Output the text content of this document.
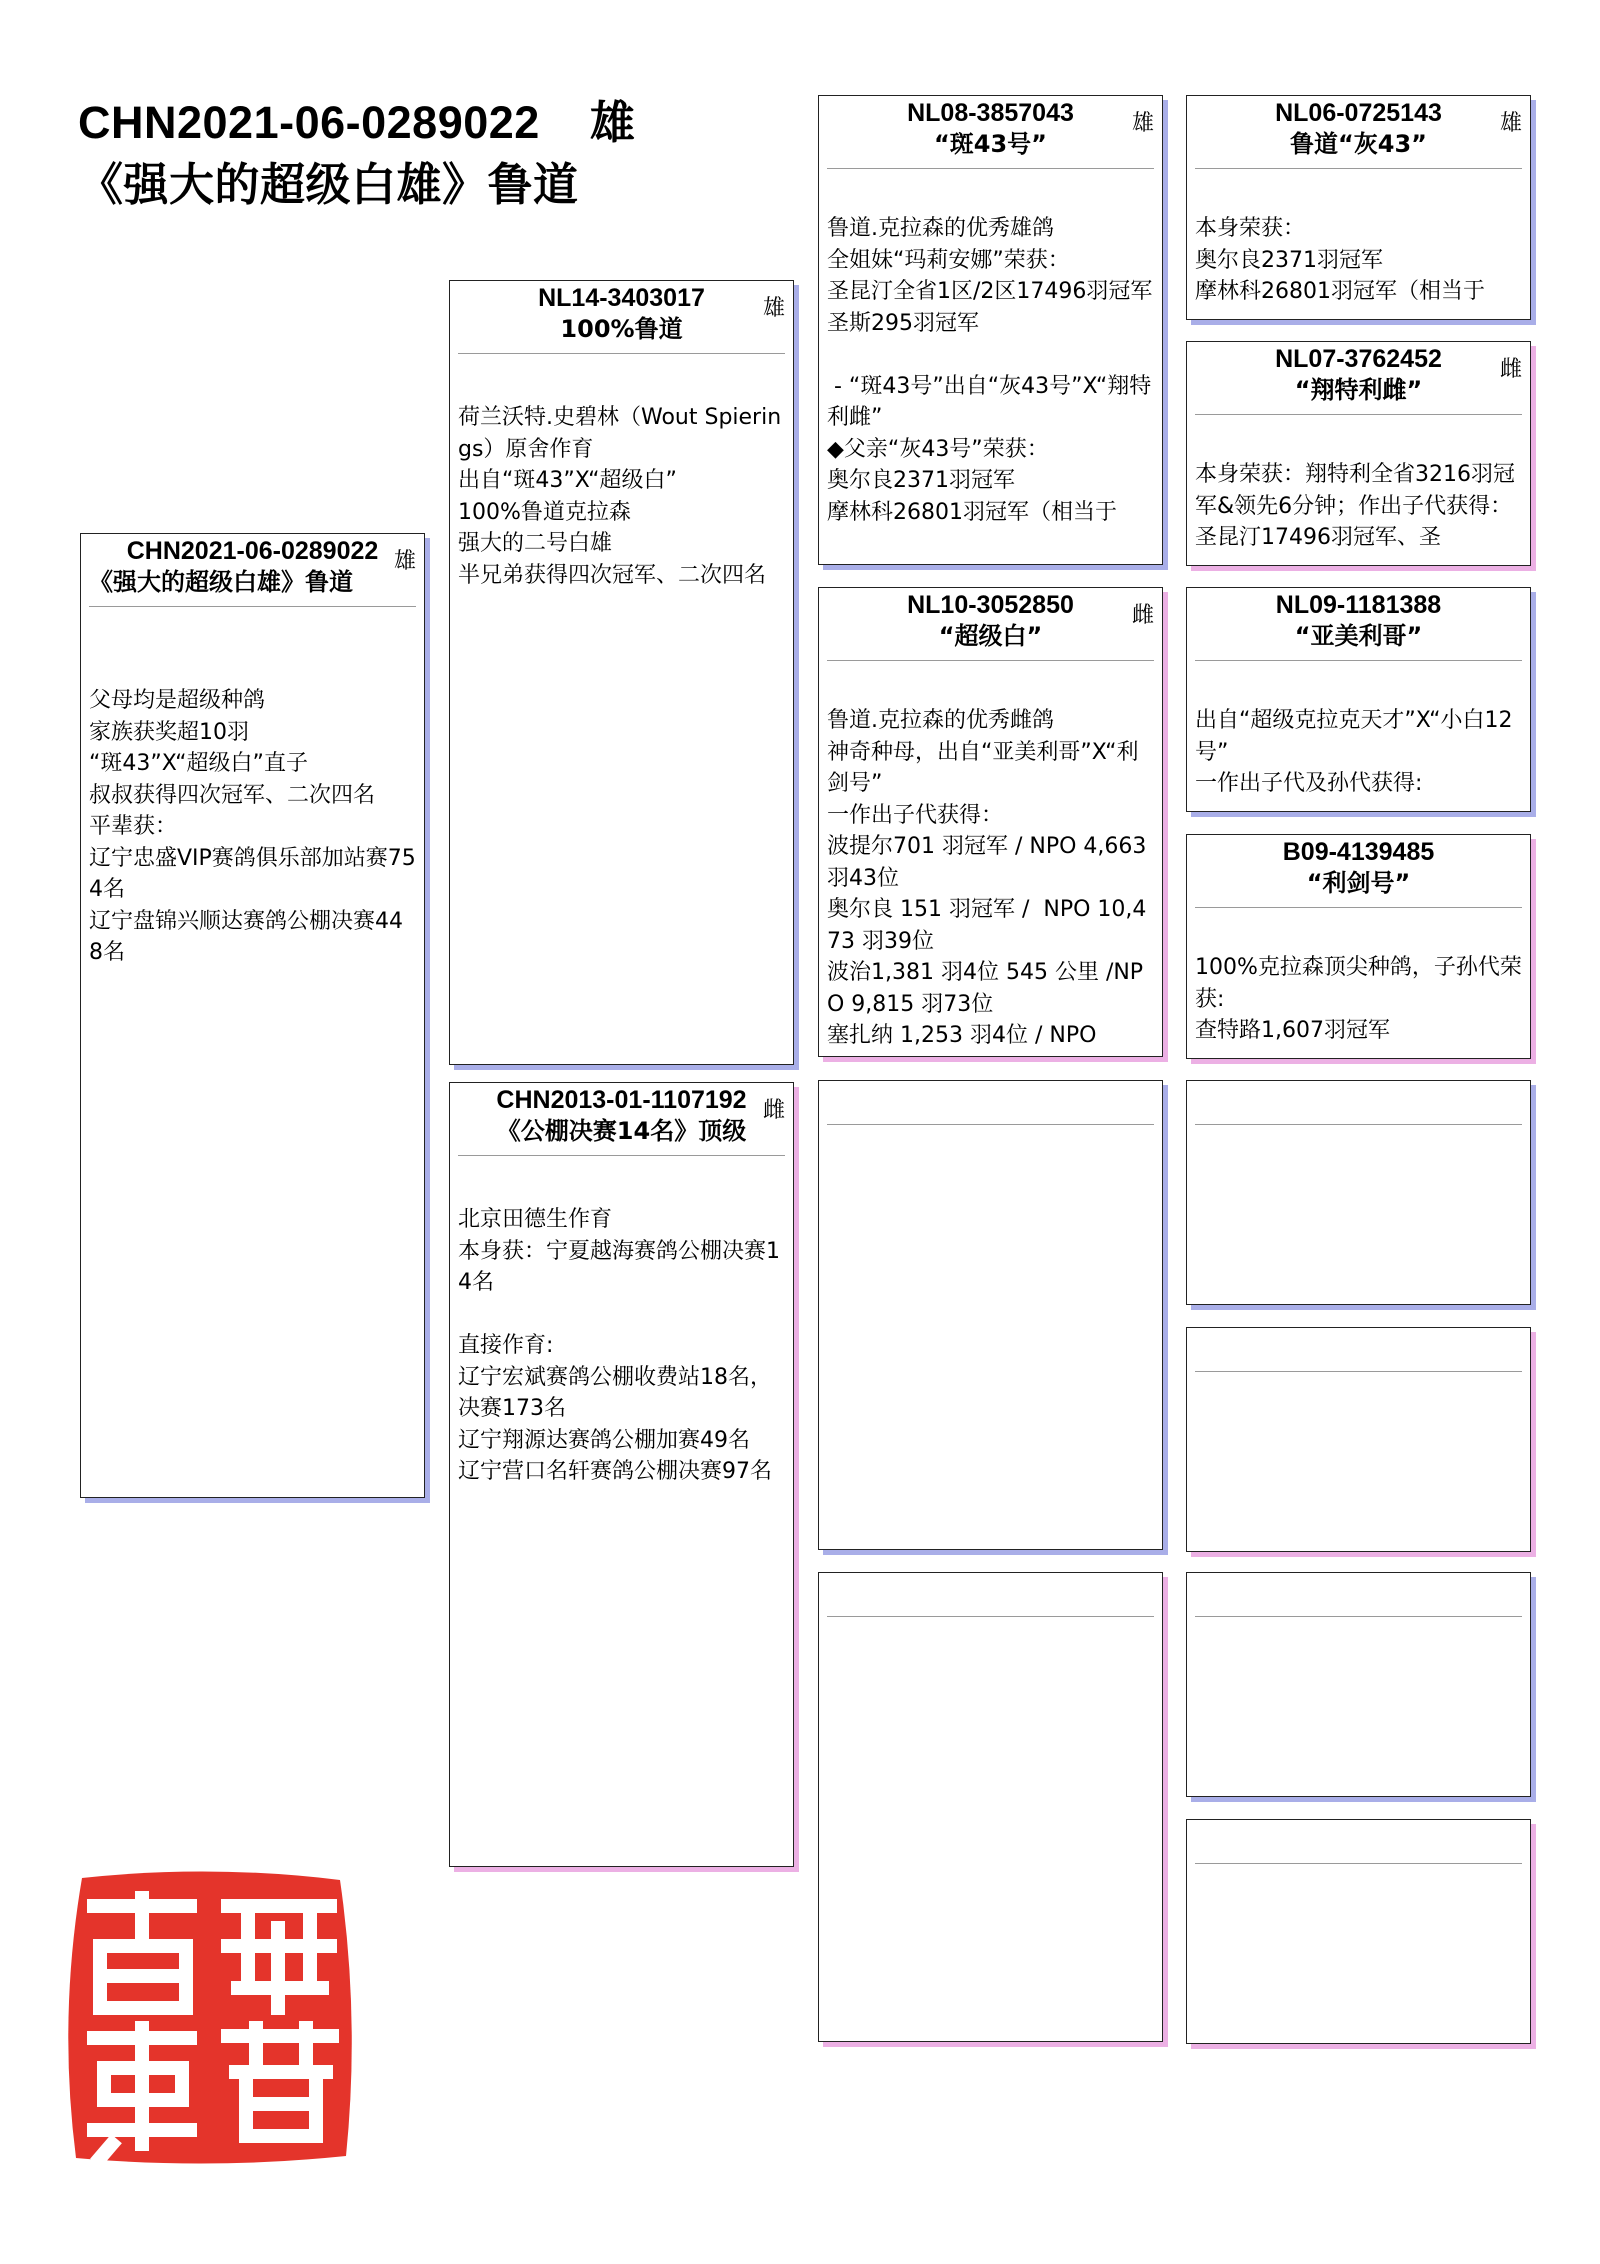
CHN2021-06-0289022 雄
《强大的超级白雄》鲁道
CHN2021-06-0289022
《强大的超级白雄》鲁道
雄
父母均是超级种鸽
家族获奖超10羽
“斑43”X“超级白”直子
叔叔获得四次冠军、二次四名
平辈获：
辽宁忠盛VIP赛鸽俱乐部加站赛754名
辽宁盘锦兴顺达赛鸽公棚决赛448名
NL14-3403017
100%鲁道
雄
荷兰沃特.史碧林（Wout Spierings）原舍作育
出自“斑43”X“超级白”
100%鲁道克拉森
强大的二号白雄
半兄弟获得四次冠军、二次四名
CHN2013-01-1107192
《公棚决赛14名》顶级
雌
北京田德生作育
本身获：宁夏越海赛鸽公棚决赛14名

直接作育:
辽宁宏斌赛鸽公棚收费站18名，决赛173名
辽宁翔源达赛鸽公棚加赛49名
辽宁营口名轩赛鸽公棚决赛97名
NL08-3857043
“斑43号”
雄
鲁道.克拉森的优秀雄鸽
全姐妹“玛莉安娜”荣获：
圣昆汀全省1区/2区17496羽冠军
圣斯295羽冠军

- “斑43号”出自“灰43号”X“翔特利雌”
◆父亲“灰43号”荣获：
奥尔良2371羽冠军
摩林科26801羽冠军（相当于
NL10-3052850
“超级白”
雌
鲁道.克拉森的优秀雌鸽
神奇种母，出自“亚美利哥”X“利剑号”
一作出子代获得：
波提尔701 羽冠军 / NPO 4,663羽43位
奥尔良 151 羽冠军 /  NPO 10,473 羽39位
波治1,381 羽4位 545 公里 /NPO 9,815 羽73位
塞扎纳 1,253 羽4位 / NPO
NL06-0725143
鲁道“灰43”
雄
本身荣获：
奥尔良2371羽冠军
摩林科26801羽冠军（相当于
NL07-3762452
“翔特利雌”
雌
本身荣获：翔特利全省3216羽冠军&领先6分钟；作出子代获得：圣昆汀17496羽冠军、圣
NL09-1181388
“亚美利哥”
出自“超级克拉克天才”X“小白12号”
一作出子代及孙代获得:
B09-4139485
“利剑号”
100%克拉森顶尖种鸽，子孙代荣获:
查特路1,607羽冠军
